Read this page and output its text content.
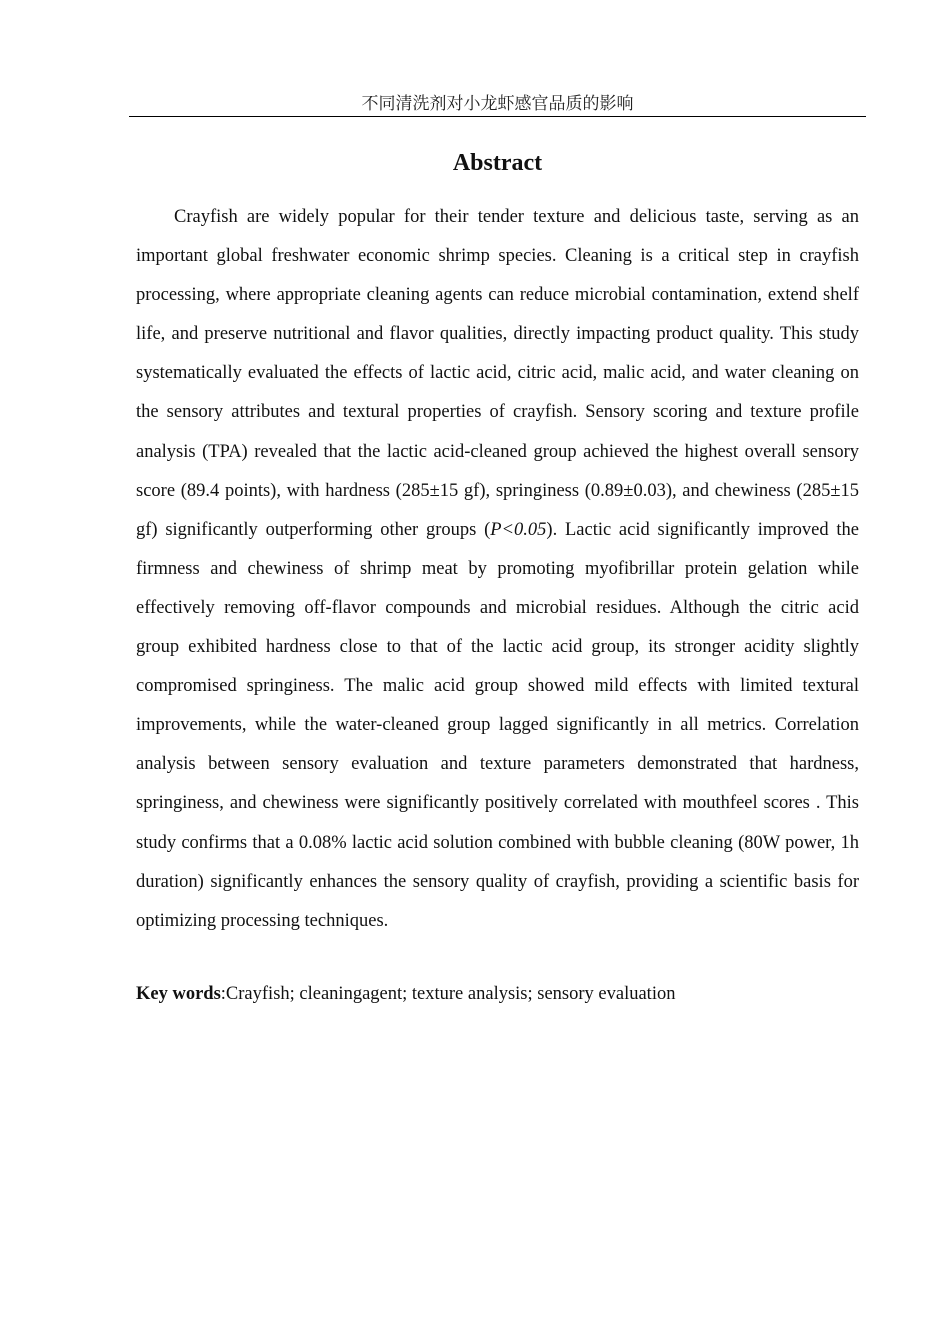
不同清洗剂对小龙虾感官品质的影响
Abstract

Crayfish are widely popular for their tender texture and delicious taste, serving as an important global freshwater economic shrimp species. Cleaning is a critical step in crayfish processing, where appropriate cleaning agents can reduce microbial contamination, extend shelf life, and preserve nutritional and flavor qualities, directly impacting product quality. This study systematically evaluated the effects of lactic acid, citric acid, malic acid, and water cleaning on the sensory attributes and textural properties of crayfish. Sensory scoring and texture profile analysis (TPA) revealed that the lactic acid-cleaned group achieved the highest overall sensory score (89.4 points), with hardness (285±15 gf), springiness (0.89±0.03), and chewiness (285±15 gf) significantly outperforming other groups (P<0.05). Lactic acid significantly improved the firmness and chewiness of shrimp meat by promoting myofibrillar protein gelation while effectively removing off-flavor compounds and microbial residues. Although the citric acid group exhibited hardness close to that of the lactic acid group, its stronger acidity slightly compromised springiness. The malic acid group showed mild effects with limited textural improvements, while the water-cleaned group lagged significantly in all metrics. Correlation analysis between sensory evaluation and texture parameters demonstrated that hardness, springiness, and chewiness were significantly positively correlated with mouthfeel scores . This study confirms that a 0.08% lactic acid solution combined with bubble cleaning (80W power, 1h duration) significantly enhances the sensory quality of crayfish, providing a scientific basis for optimizing processing techniques.

Key words:Crayfish; cleaningagent; texture analysis; sensory evaluation
